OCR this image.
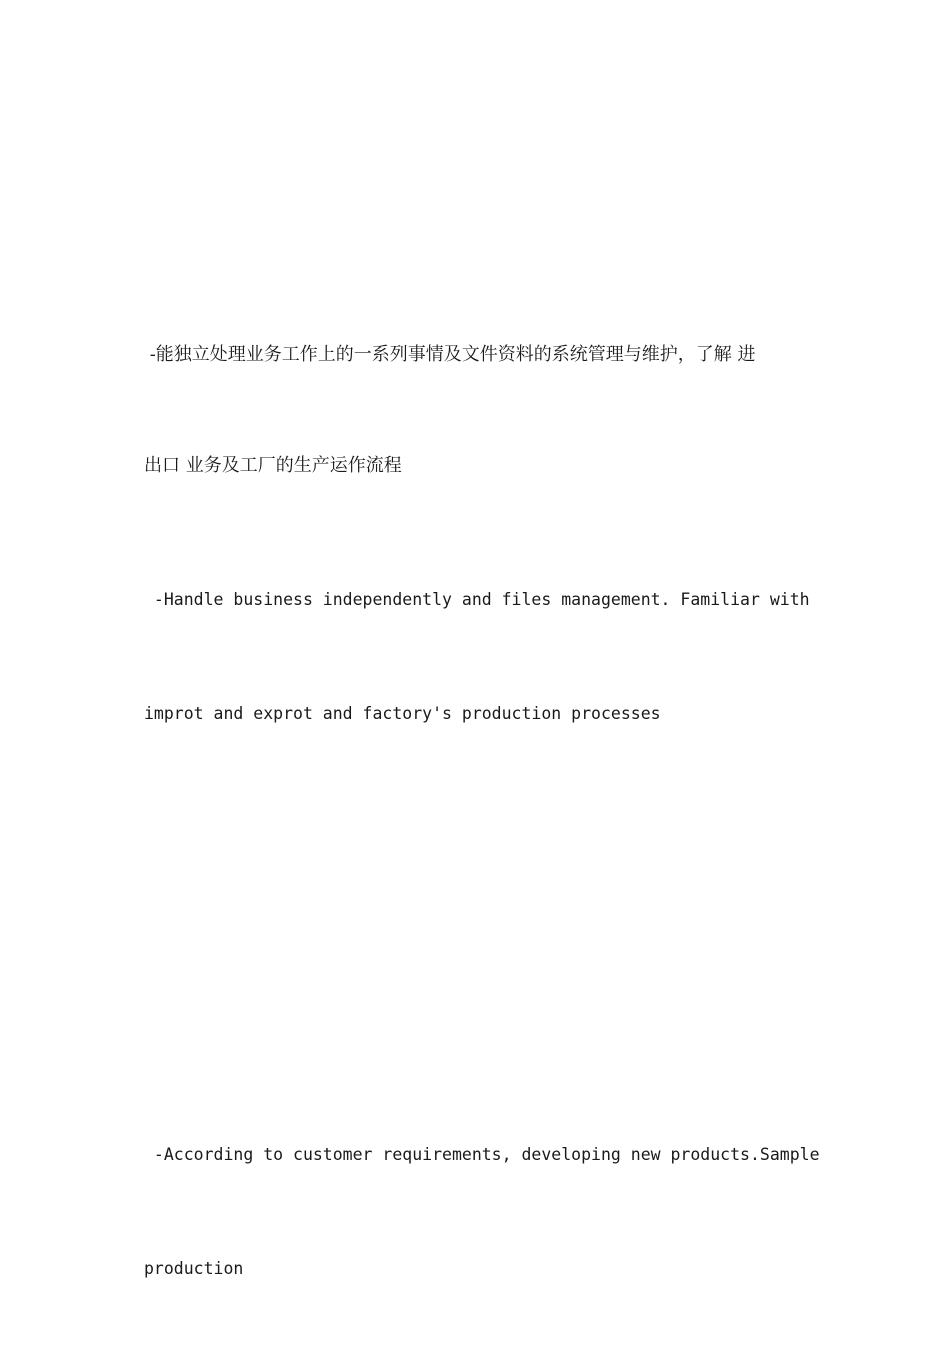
-能独立处理业务工作上的一系列事情及文件资料的系统管理与维护，了解 进

出口 业务及工厂的生产运作流程

-Handle business independently and files management. Familiar with

improt and exprot and factory's production processes

-According to customer requirements, developing new products.Sample

production
